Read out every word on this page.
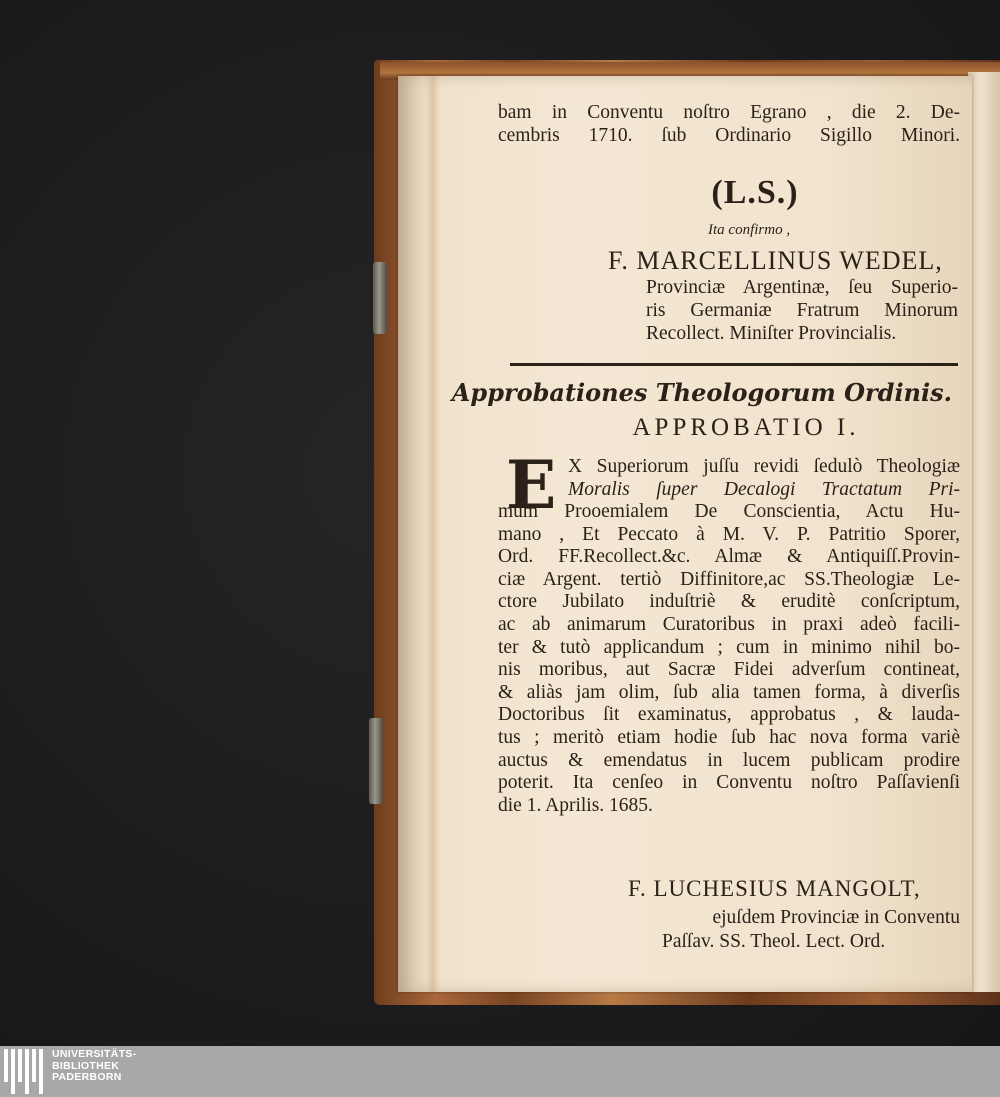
bam in Conventu noſtro Egrano , die 2. De-
cembris 1710. ſub Ordinario Sigillo Minori.
(L.S.)
Ita confirmo ,
F. MARCELLINUS WEDEL,
Provinciæ Argentinæ, ſeu Superio-
ris Germaniæ Fratrum Minorum
Recollect. Miniſter Provincialis.
Approbationes Theologorum Ordinis.
APPROBATIO I.
E X Superiorum juſſu revidi ſedulò Theologiæ
Moralis ſuper Decalogi Tractatum Pri-
mum Prooemialem De Conscientia, Actu Hu-
mano , Et Peccato à M. V. P. Patritio Sporer,
Ord. FF.Recollect.&c. Almæ & Antiquiſſ.Provin-
ciæ Argent. tertiò Diffinitore,ac SS.Theologiæ Le-
ctore Jubilato induſtriè & eruditè conſcriptum,
ac ab animarum Curatoribus in praxi adeò facili-
ter & tutò applicandum ; cum in minimo nihil bo-
nis moribus, aut Sacræ Fidei adverſum contineat,
& aliàs jam olim, ſub alia tamen forma, à diverſis
Doctoribus ſit examinatus, approbatus , & lauda-
tus ; meritò etiam hodie ſub hac nova forma variè
auctus & emendatus in lucem publicam prodire
poterit. Ita cenſeo in Conventu noſtro Paſſavienſi
die 1. Aprilis. 1685.
F. LUCHESIUS MANGOLT,
ejuſdem Provinciæ in Conventu
Paſſav. SS. Theol. Lect. Ord.
UNIVERSITÄTS-
BIBLIOTHEK
PADERBORN
